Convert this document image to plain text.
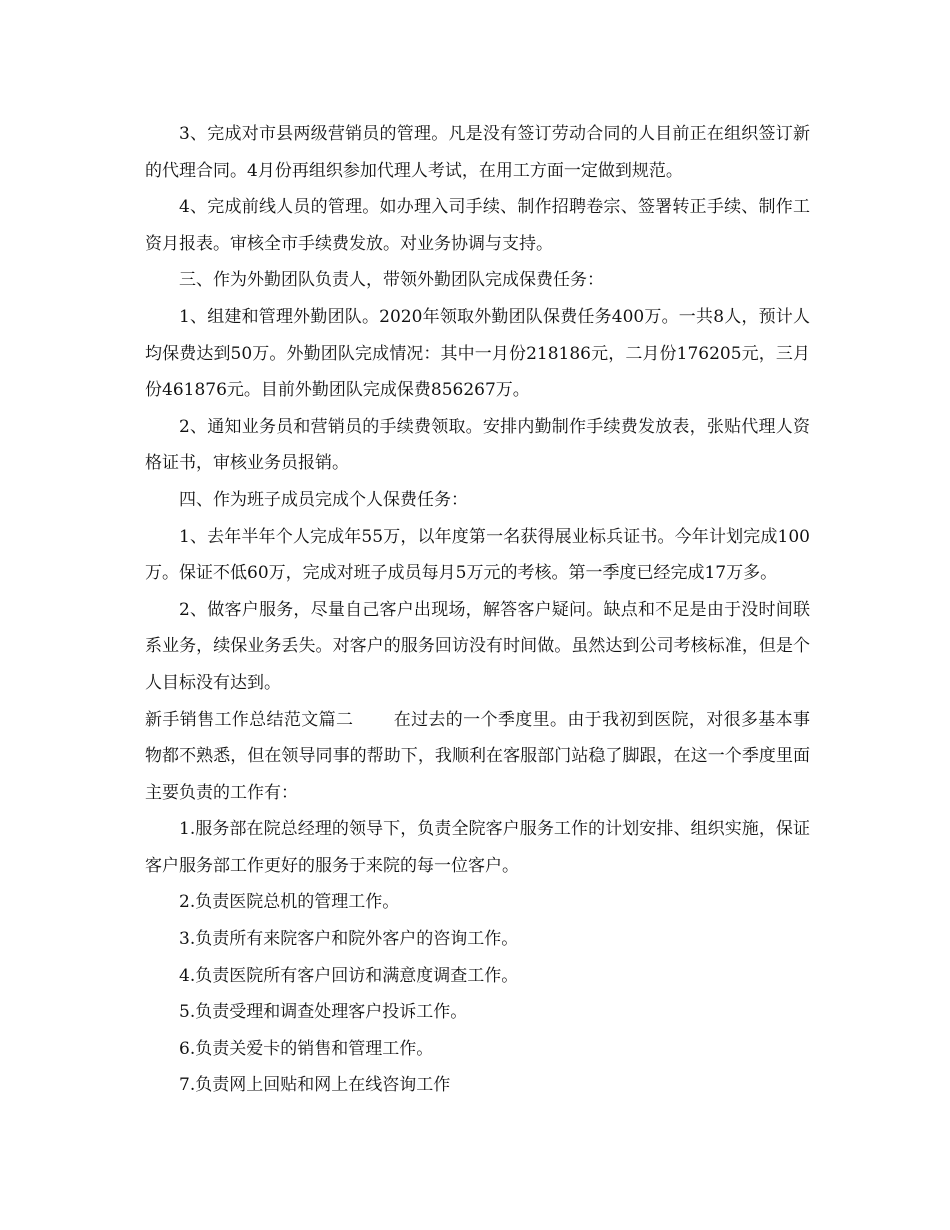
3、完成对市县两级营销员的管理。凡是没有签订劳动合同的人目前正在组织签订新的代理合同。4月份再组织参加代理人考试，在用工方面一定做到规范。

4、完成前线人员的管理。如办理入司手续、制作招聘卷宗、签署转正手续、制作工资月报表。审核全市手续费发放。对业务协调与支持。

三、作为外勤团队负责人，带领外勤团队完成保费任务：

1、组建和管理外勤团队。2020年领取外勤团队保费任务400万。一共8人，预计人均保费达到50万。外勤团队完成情况：其中一月份218186元，二月份176205元，三月份461876元。目前外勤团队完成保费856267万。

2、通知业务员和营销员的手续费领取。安排内勤制作手续费发放表，张贴代理人资格证书，审核业务员报销。

四、作为班子成员完成个人保费任务：

1、去年半年个人完成年55万，以年度第一名获得展业标兵证书。今年计划完成100万。保证不低60万，完成对班子成员每月5万元的考核。第一季度已经完成17万多。

2、做客户服务，尽量自己客户出现场，解答客户疑问。缺点和不足是由于没时间联系业务，续保业务丢失。对客户的服务回访没有时间做。虽然达到公司考核标准，但是个人目标没有达到。

新手销售工作总结范文篇二 在过去的一个季度里。由于我初到医院，对很多基本事物都不熟悉，但在领导同事的帮助下，我顺利在客服部门站稳了脚跟，在这一个季度里面主要负责的工作有：

1.服务部在院总经理的领导下，负责全院客户服务工作的计划安排、组织实施，保证客户服务部工作更好的服务于来院的每一位客户。

2.负责医院总机的管理工作。

3.负责所有来院客户和院外客户的咨询工作。

4.负责医院所有客户回访和满意度调查工作。

5.负责受理和调查处理客户投诉工作。

6.负责关爱卡的销售和管理工作。

7.负责网上回贴和网上在线咨询工作
